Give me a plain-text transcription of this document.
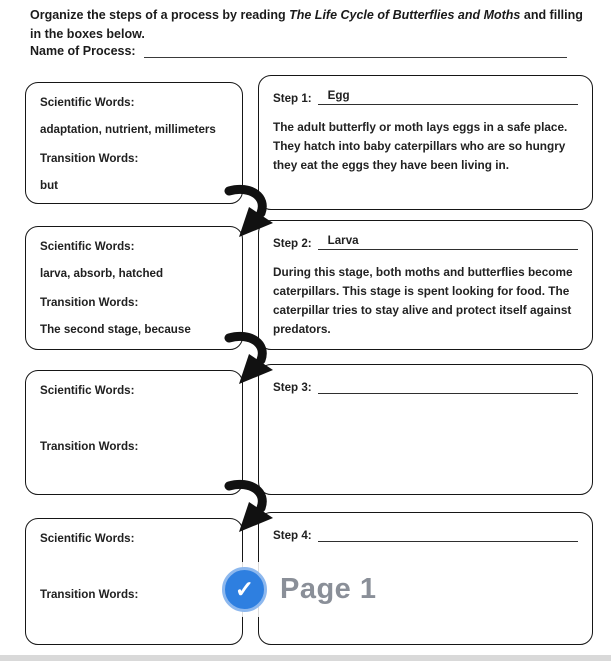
Organize the steps of a process by reading The Life Cycle of Butterflies and Moths and filling in the boxes below.
Name of Process:
Scientific Words:
adaptation, nutrient, millimeters
Transition Words:
but
Step 1:	Egg
The adult butterfly or moth lays eggs in a safe place. They hatch into baby caterpillars who are so hungry they eat the eggs they have been living in.
Scientific Words:
larva, absorb, hatched
Transition Words:
The second stage, because
Step 2:	Larva
During this stage, both moths and butterflies become caterpillars. This stage is spent looking for food. The caterpillar tries to stay alive and protect itself against predators.
Scientific Words:
Transition Words:
Step 3:
Scientific Words:
Transition Words:
Step 4:
✓ Page 1
